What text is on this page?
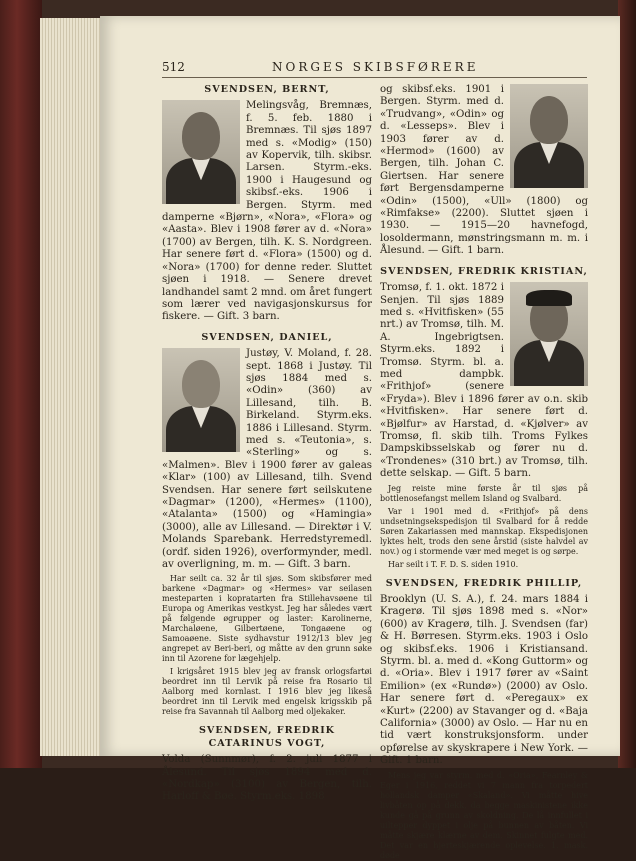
512	NORGES SKIBSFØRERE
SVENDSEN, BERNT,

Melingsvåg, Bremnæs, f. 5. feb. 1880 i Bremnæs. Til sjøs 1897 med s. «Modig» (150) av Kopervik, tilh. skibsr. Larsen. Styrm.-eks. 1900 i Haugesund og skibsf.-eks. 1906 i Bergen. Styrm. med damperne «Bjørn», «Nora», «Flora» og «Aasta». Blev i 1908 fører av d. «Nora» (1700) av Bergen, tilh. K. S. Nordgreen. Har senere ført d. «Flora» (1500) og d. «Nora» (1700) for denne reder. Sluttet sjøen i 1918. — Senere drevet landhandel samt 2 mnd. om året fungert som lærer ved navigasjonskursus for fiskere. — Gift. 3 barn.

SVENDSEN, DANIEL,

Justøy, V. Moland, f. 28. sept. 1868 i Justøy. Til sjøs 1884 med s. «Odin» (360) av Lillesand, tilh. B. Birkeland. Styrm.eks. 1886 i Lillesand. Styrm. med s. «Teutonia», s. «Sterling» og s. «Malmen». Blev i 1900 fører av galeas «Klar» (100) av Lillesand, tilh. Svend Svendsen. Har senere ført seilskutene «Dagmar» (1200), «Hermes» (1100), «Atalanta» (1500) og «Hamingia» (3000), alle av Lillesand. — Direktør i V. Molands Sparebank. Herredstyremedl. (ordf. siden 1926), overformynder, medl. av overligning, m. m. — Gift. 3 barn.

Har seilt ca. 32 år til sjøs. Som skibsfører med barkene «Dagmar» og «Hermes» var seilasen mesteparten i kopratarten fra Stillehavsøene til Europa og Amerikas vestkyst. Jeg har således vært på følgende øgrupper og laster: Karolinerne, Marchaløene, Gilbertøene, Tongaøene og Samoaøene. Siste sydhavstur 1912/13 blev jeg angrepet av Beri-beri, og måtte av den grunn søke inn til Azorene for lægehjelp.

I krigsåret 1915 blev jeg av fransk orlogsfartøi beordret inn til Lervik på reise fra Rosario til Aalborg med kornlast. I 1916 blev jeg likeså beordret inn til Lervik med engelsk krigsskib på reise fra Savannah til Aalborg med oljekaker.

SVENDSEN, FREDRIK CATARINUS VOGT,

Volda (Sunnmør), f. 2. juli 1877 i Ålesund. Til sjøs 1894 med d. «Nordkap» (3100) av Bergen, tilh. Harloff & Bøe. Styrm.eks. 1898

og skibsf.eks. 1901 i Bergen. Styrm. med d. «Trudvang», «Odin» og d. «Lesseps». Blev i 1903 fører av d. «Hermod» (1600) av Bergen, tilh. Johan C. Giertsen. Har senere ført Bergensdamperne «Odin» (1500), «Ull» (1800) og «Rimfakse» (2200). Sluttet sjøen i 1930. — 1915—20 havnefogd, losoldermann, mønstringsmann m. m. i Ålesund. — Gift. 1 barn.

SVENDSEN, FREDRIK KRISTIAN,

Tromsø, f. 1. okt. 1872 i Senjen. Til sjøs 1889 med s. «Hvitfisken» (55 nrt.) av Tromsø, tilh. M. A. Ingebrigtsen. Styrm.eks. 1892 i Tromsø. Styrm. bl. a. med dampbk. «Frithjof» (senere «Fryda»). Blev i 1896 fører av o.n. skib «Hvitfisken». Har senere ført d. «Bjølfur» av Harstad, d. «Kjølver» av Tromsø, fl. skib tilh. Troms Fylkes Dampskibsselskab og fører nu d. «Trondenes» (310 brt.) av Tromsø, tilh. dette selskap. — Gift. 5 barn.

Jeg reiste mine første år til sjøs på bottlenosefangst mellem Island og Svalbard.

Var i 1901 med d. «Frithjof» på dens undsetningsekspedisjon til Svalbard for å redde Søren Zakariassen med mannskap. Ekspedisjonen lyktes helt, trods den sene årstid (siste halvdel av nov.) og i stormende vær med meget is og sørpe.

Har seilt i T. F. D. S. siden 1910.

SVENDSEN, FREDRIK PHILLIP,

Brooklyn (U. S. A.), f. 24. mars 1884 i Kragerø. Til sjøs 1898 med s. «Nor» (600) av Kragerø, tilh. J. Svendsen (far) & H. Børresen. Styrm.eks. 1903 i Oslo og skibsf.eks. 1906 i Kristiansand. Styrm. bl. a. med d. «Kong Guttorm» og d. «Oria». Blev i 1917 fører av «Saint Emilion» (ex «Rundø») (2000) av Oslo. Har senere ført d. «Peregaux» ex «Kurt» (2200) av Stavanger og d. «Baja California» (3000) av Oslo. — Har nu en tid vært konstruksjonsform. under opførelse av skyskrapere i New York. — Gift. 1 barn.

Mens jeg var styrm. med d. «Oria», Fearnley & Eger i 1916, reddet vi 7 mann fra torpedert hollandsk damper «Skaland». Vi måtte hive livbåten op på dekk, da begge maskinistene ikke kunde gå på grunn av skoldning. De lå innfullet i uiltepper dyppet i olje på bunnen av båten. Vi måtte skjære klærne av dem. Skinnet fulgte med. Det var en hjerteskjærende oplevelse. 1. mask. døde
